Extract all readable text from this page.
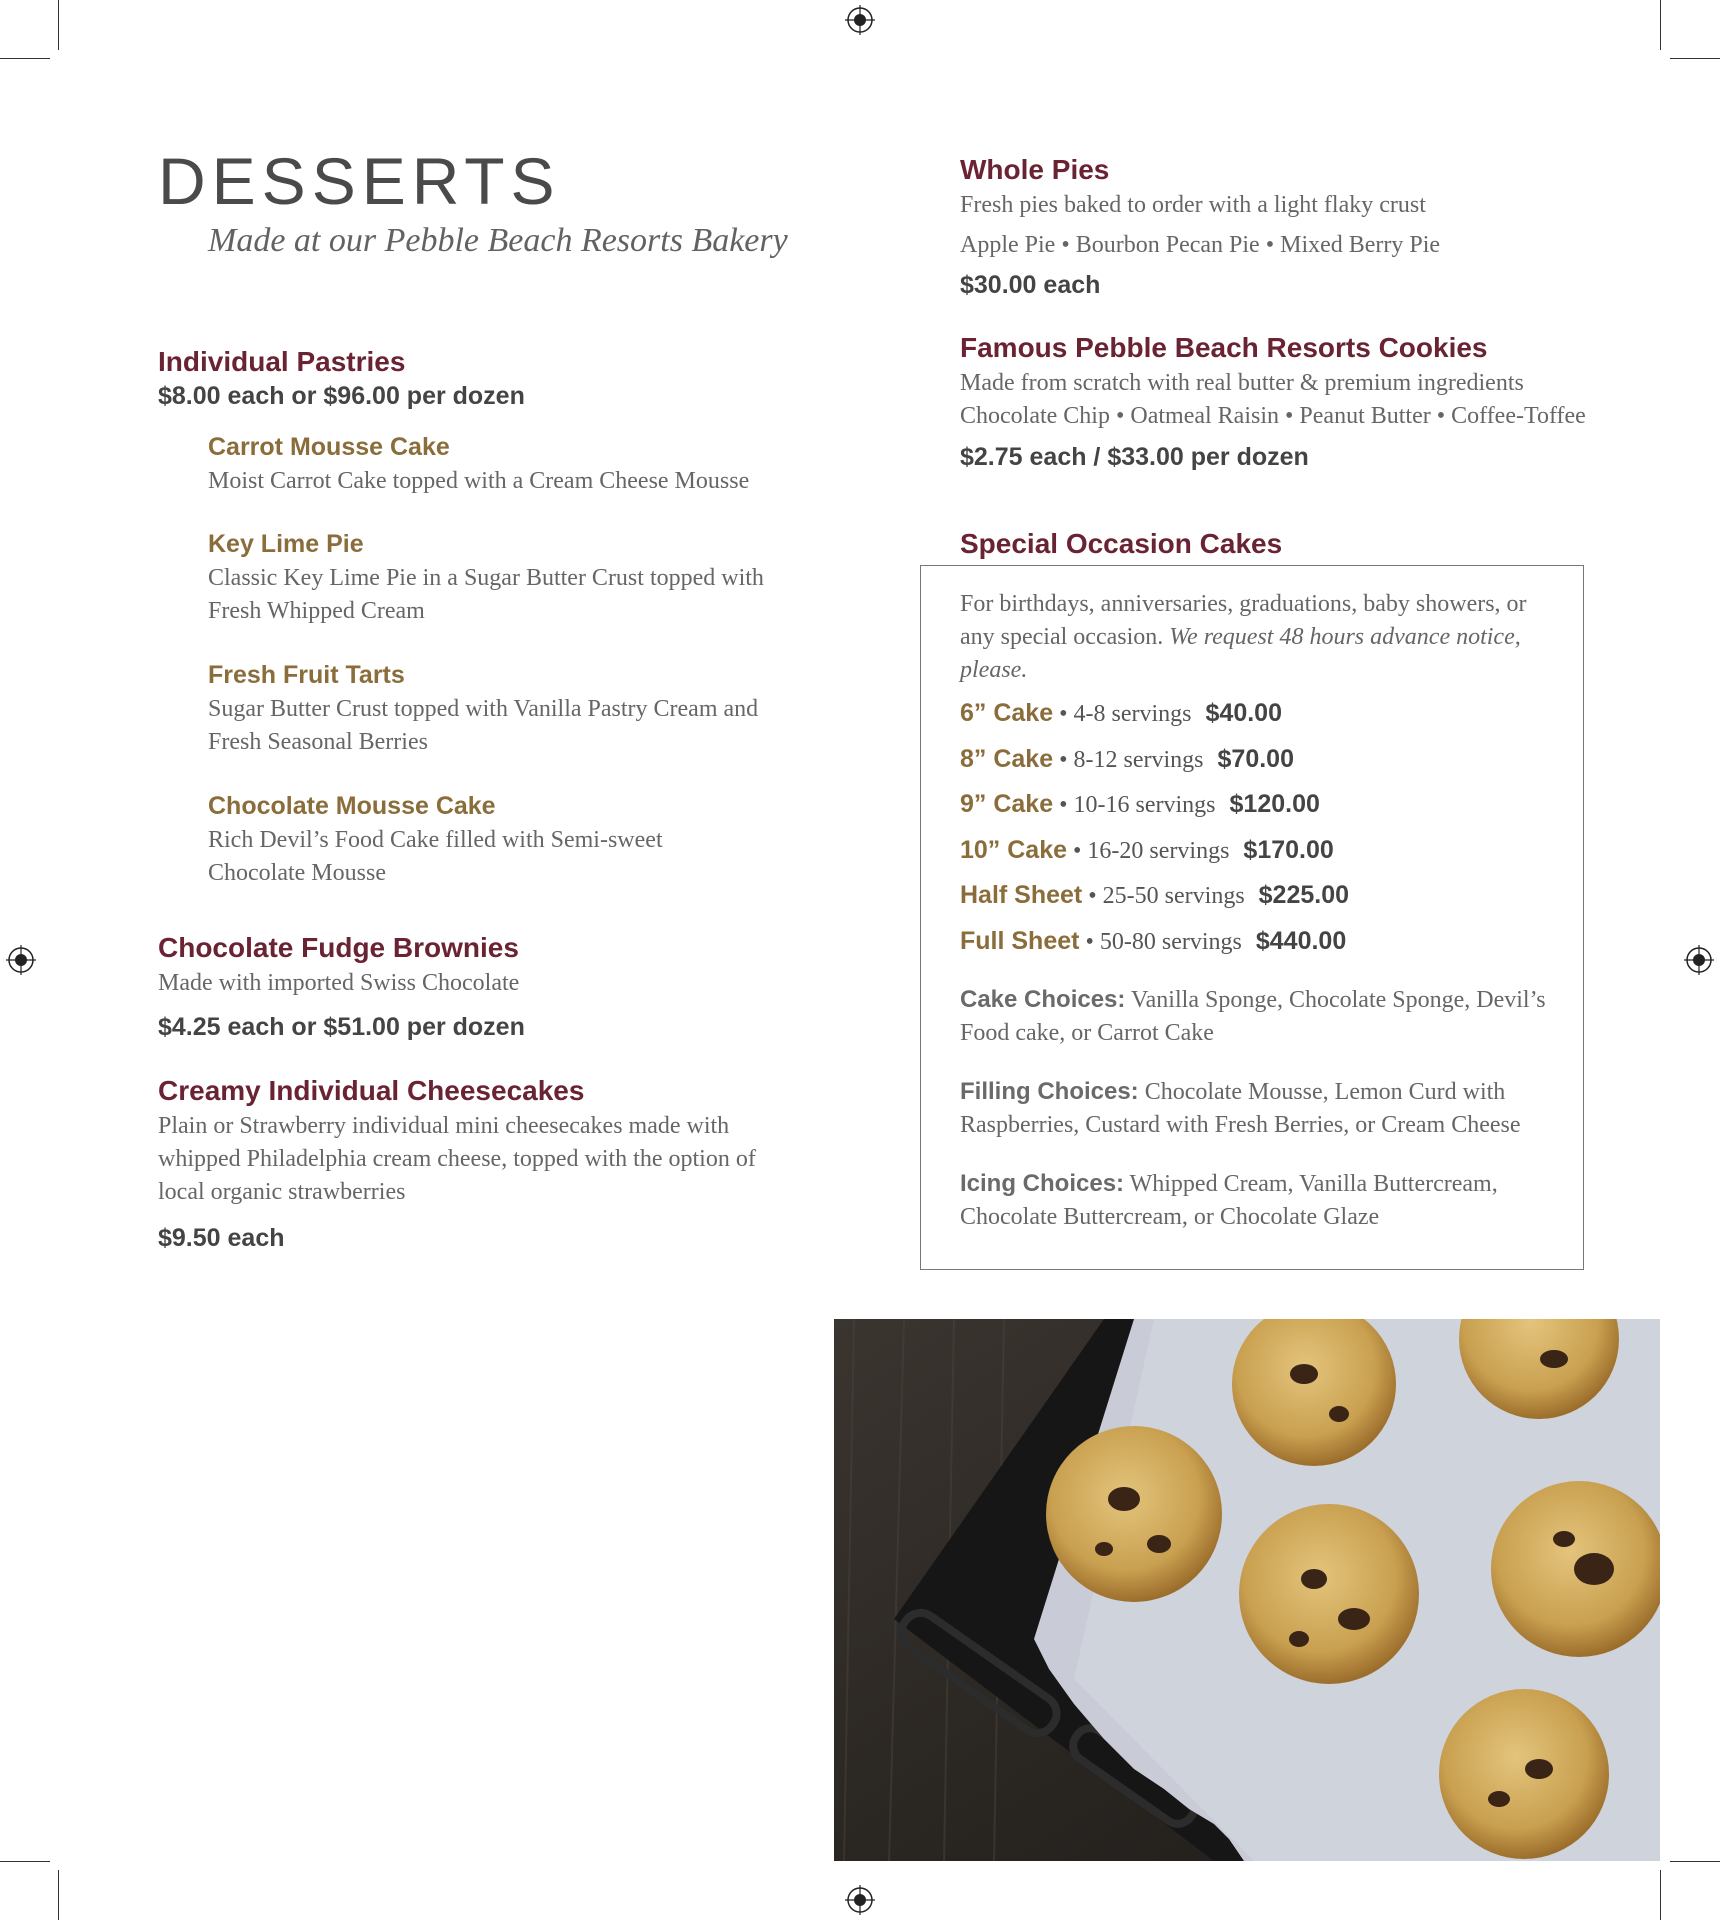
DESSERTS
Made at our Pebble Beach Resorts Bakery
Individual Pastries
$8.00 each or $96.00 per dozen
Carrot Mousse Cake
Moist Carrot Cake topped with a Cream Cheese Mousse
Key Lime Pie
Classic Key Lime Pie in a Sugar Butter Crust topped with Fresh Whipped Cream
Fresh Fruit Tarts
Sugar Butter Crust topped with Vanilla Pastry Cream and Fresh Seasonal Berries
Chocolate Mousse Cake
Rich Devil’s Food Cake filled with Semi-sweet Chocolate Mousse
Chocolate Fudge Brownies
Made with imported Swiss Chocolate
$4.25 each or $51.00 per dozen
Creamy Individual Cheesecakes
Plain or Strawberry individual mini cheesecakes made with whipped Philadelphia cream cheese, topped with the option of local organic strawberries
$9.50 each
Whole Pies
Fresh pies baked to order with a light flaky crust
Apple Pie • Bourbon Pecan Pie • Mixed Berry Pie
$30.00 each
Famous Pebble Beach Resorts Cookies
Made from scratch with real butter & premium ingredients
Chocolate Chip • Oatmeal Raisin • Peanut Butter • Coffee-Toffee
$2.75 each / $33.00 per dozen
Special Occasion Cakes
For birthdays, anniversaries, graduations, baby showers, or any special occasion. We request 48 hours advance notice, please.
6” Cake • 4-8 servings $40.00
8” Cake • 8-12 servings $70.00
9” Cake • 10-16 servings $120.00
10” Cake • 16-20 servings $170.00
Half Sheet • 25-50 servings $225.00
Full Sheet • 50-80 servings $440.00
Cake Choices: Vanilla Sponge, Chocolate Sponge, Devil’s Food cake, or Carrot Cake
Filling Choices: Chocolate Mousse, Lemon Curd with Raspberries, Custard with Fresh Berries, or Cream Cheese
Icing Choices: Whipped Cream, Vanilla Buttercream, Chocolate Buttercream, or Chocolate Glaze
